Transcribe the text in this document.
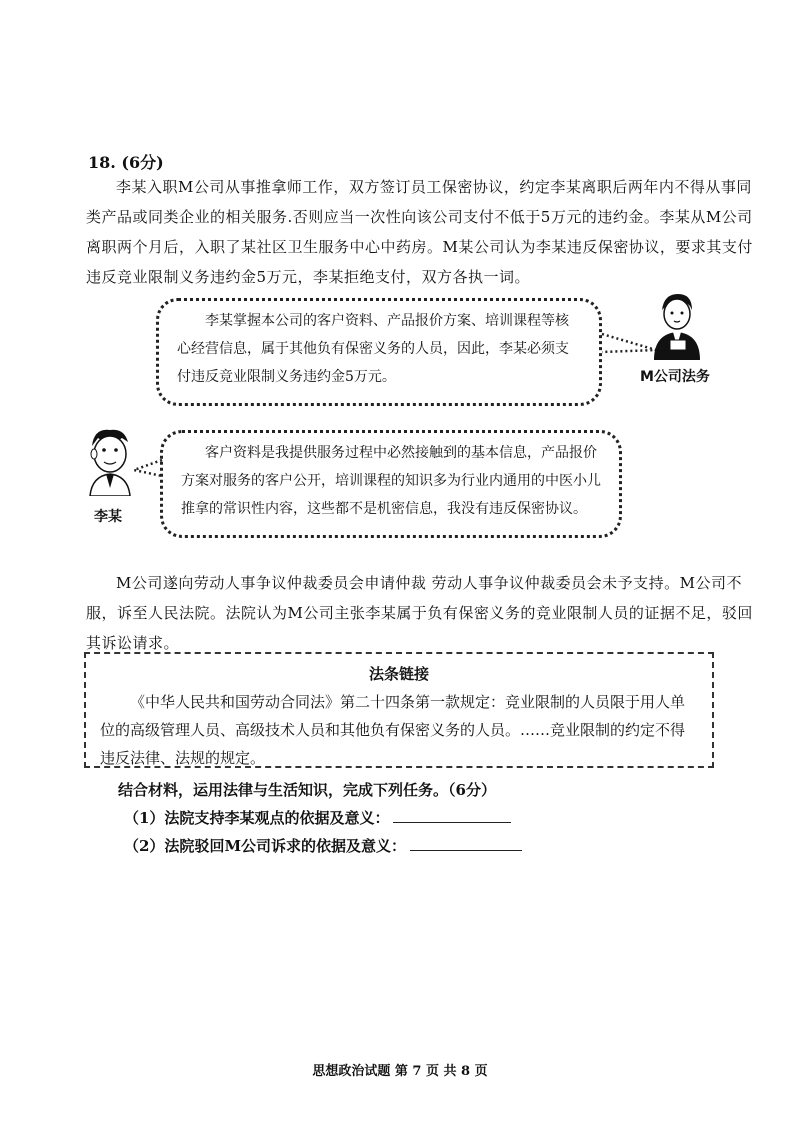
18. (6分)

李某入职M公司从事推拿师工作，双方签订员工保密协议，约定李某离职后两年内不得从事同类产品或同类企业的相关服务.否则应当一次性向该公司支付不低于5万元的违约金。李某从M公司离职两个月后，入职了某社区卫生服务中心中药房。M某公司认为李某违反保密协议，要求其支付违反竞业限制义务违约金5万元，李某拒绝支付，双方各执一词。

李某掌握本公司的客户资料、产品报价方案、培训课程等核心经营信息，属于其他负有保密义务的人员，因此，李某必须支付违反竞业限制义务违约金5万元。	M公司法务
客户资料是我提供服务过程中必然接触到的基本信息，产品报价方案对服务的客户公开，培训课程的知识多为行业内通用的中医小儿推拿的常识性内容，这些都不是机密信息，我没有违反保密协议。
李某

M公司遂向劳动人事争议仲裁委员会申请仲裁 劳动人事争议仲裁委员会未予支持。M公司不服，诉至人民法院。法院认为M公司主张李某属于负有保密义务的竞业限制人员的证据不足，驳回其诉讼请求。

法条链接

《中华人民共和国劳动合同法》第二十四条第一款规定：竞业限制的人员限于用人单位的高级管理人员、高级技术人员和其他负有保密义务的人员。……竞业限制的约定不得违反法律、法规的规定。

结合材料，运用法律与生活知识，完成下列任务。（6分）
（1）法院支持李某观点的依据及意义：
（2）法院驳回M公司诉求的依据及意义：
思想政治试题 第 7 页 共 8 页
